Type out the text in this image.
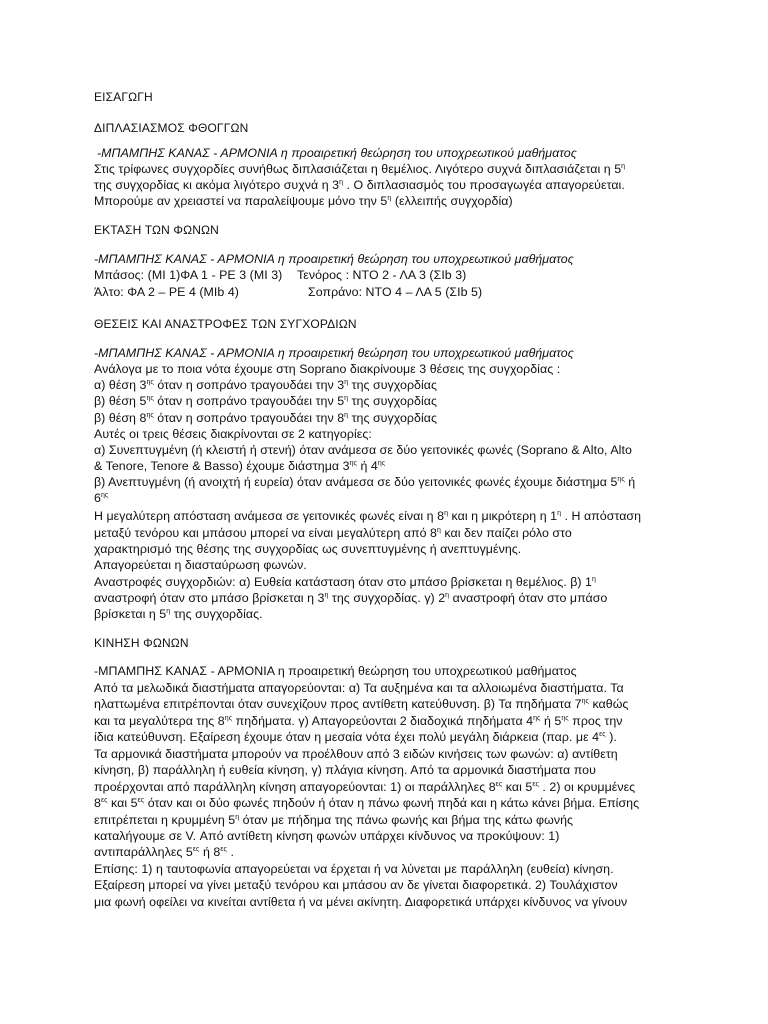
ΕΙΣΑΓΩΓΗ
ΔΙΠΛΑΣΙΑΣΜΟΣ ΦΘΟΓΓΩΝ
-ΜΠΑΜΠΗΣ ΚΑΝΑΣ - ΑΡΜΟΝΙΑ η προαιρετική θεώρηση του υποχρεωτικού μαθήματος
Στις τρίφωνες συγχορδίες συνήθως διπλασιάζεται η θεμέλιος. Λιγότερο συχνά διπλασιάζεται η $5^\eta$
της συγχορδίας κι ακόμα λιγότερο συχνά η $3^\eta$ . Ο διπλασιασμός του προσαγωγέα απαγορεύεται.
Μπορούμε αν χρειαστεί να παραλείψουμε μόνο την $5^\eta$ (ελλειπής συγχορδία)
ΕΚΤΑΣΗ ΤΩΝ ΦΩΝΩΝ
-ΜΠΑΜΠΗΣ ΚΑΝΑΣ - ΑΡΜΟΝΙΑ η προαιρετική θεώρηση του υποχρεωτικού μαθήματος
Μπάσος: (ΜΙ 1)ΦΑ 1 - ΡΕ 3 (ΜΙ 3) Τενόρος : ΝΤΟ 2 - ΛΑ 3 (ΣΙb 3)
Άλτο: ΦΑ 2 – ΡΕ 4 (ΜΙb 4)	Σοπράνο: ΝΤΟ 4 – ΛΑ 5 (ΣΙb 5)
ΘΕΣΕΙΣ ΚΑΙ ΑΝΑΣΤΡΟΦΕΣ ΤΩΝ ΣΥΓΧΟΡΔΙΩΝ
-ΜΠΑΜΠΗΣ ΚΑΝΑΣ - ΑΡΜΟΝΙΑ η προαιρετική θεώρηση του υποχρεωτικού μαθήματος
Ανάλογα με το ποια νότα έχουμε στη Soprano διακρίνουμε 3 θέσεις της συγχορδίας :
α) θέση $3^{\eta\varsigma}$ όταν η σοπράνο τραγουδάει την $3^\eta$ της συγχορδίας
β) θέση $5^{\eta\varsigma}$ όταν η σοπράνο τραγουδάει την $5^\eta$ της συγχορδίας
β) θέση $8^{\eta\varsigma}$ όταν η σοπράνο τραγουδάει την $8^\eta$ της συγχορδίας
Αυτές οι τρεις θέσεις διακρίνονται σε 2 κατηγορίες:
α) Συνεπτυγμένη (ή κλειστή ή στενή) όταν ανάμεσα σε δύο γειτονικές φωνές (Soprano & Alto, Alto
& Tenore, Tenore & Basso) έχουμε διάστημα $3^{\eta\varsigma}$ ή $4^{\eta\varsigma}$
β) Ανεπτυγμένη (ή ανοιχτή ή ευρεία) όταν ανάμεσα σε δύο γειτονικές φωνές έχουμε διάστημα $5^{\eta\varsigma}$ ή
$6^{\eta\varsigma}$
Η μεγαλύτερη απόσταση ανάμεσα σε γειτονικές φωνές είναι η $8^\eta$ και η μικρότερη η $1^\eta$ . Η απόσταση
μεταξύ τενόρου και μπάσου μπορεί να είναι μεγαλύτερη από $8^\eta$ και δεν παίζει ρόλο στο
χαρακτηρισμό της θέσης της συγχορδίας ως συνεπτυγμένης ή ανεπτυγμένης.
Απαγορεύεται η διασταύρωση φωνών.
Αναστροφές συγχορδιών: α) Ευθεία κατάσταση όταν στο μπάσο βρίσκεται η θεμέλιος. β) $1^\eta$
αναστροφή όταν στο μπάσο βρίσκεται η $3^\eta$ της συγχορδίας. γ) $2^\eta$ αναστροφή όταν στο μπάσο
βρίσκεται η $5^\eta$ της συγχορδίας.
ΚΙΝΗΣΗ ΦΩΝΩΝ
-ΜΠΑΜΠΗΣ ΚΑΝΑΣ - ΑΡΜΟΝΙΑ η προαιρετική θεώρηση του υποχρεωτικού μαθήματος
Από τα μελωδικά διαστήματα απαγορεύονται: α) Τα αυξημένα και τα αλλοιωμένα διαστήματα. Τα
ηλαττωμένα επιτρέπονται όταν συνεχίζουν προς αντίθετη κατεύθυνση. β) Τα πηδήματα $7^{\eta\varsigma}$ καθώς
και τα μεγαλύτερα της $8^{\eta\varsigma}$ πηδήματα. γ) Απαγορεύονται 2 διαδοχικά πηδήματα $4^{\eta\varsigma}$ ή $5^{\eta\varsigma}$ προς την
ίδια κατεύθυνση. Εξαίρεση έχουμε όταν η μεσαία νότα έχει πολύ μεγάλη διάρκεια (παρ. με $4^{\varepsilon\varsigma}$ ).
Τα αρμονικά διαστήματα μπορούν να προέλθουν από 3 ειδών κινήσεις των φωνών: α) αντίθετη
κίνηση, β) παράλληλη ή ευθεία κίνηση, γ) πλάγια κίνηση. Από τα αρμονικά διαστήματα που
προέρχονται από παράλληλη κίνηση απαγορεύονται: 1) οι παράλληλες $8^{\varepsilon\varsigma}$ και $5^{\varepsilon\varsigma}$ . 2) οι κρυμμένες
$8^{\varepsilon\varsigma}$ και $5^{\varepsilon\varsigma}$ όταν και οι δύο φωνές πηδούν ή όταν η πάνω φωνή πηδά και η κάτω κάνει βήμα. Επίσης
επιτρέπεται η κρυμμένη $5^\eta$ όταν με πήδημα της πάνω φωνής και βήμα της κάτω φωνής
καταλήγουμε σε V. Από αντίθετη κίνηση φωνών υπάρχει κίνδυνος να προκύψουν: 1)
αντιπαράλληλες $5^{\varepsilon\varsigma}$ ή $8^{\varepsilon\varsigma}$ .
Επίσης: 1) η ταυτοφωνία απαγορεύεται να έρχεται ή να λύνεται με παράλληλη (ευθεία) κίνηση.
Εξαίρεση μπορεί να γίνει μεταξύ τενόρου και μπάσου αν δε γίνεται διαφορετικά. 2) Τουλάχιστον
μια φωνή οφείλει να κινείται αντίθετα ή να μένει ακίνητη. Διαφορετικά υπάρχει κίνδυνος να γίνουν
